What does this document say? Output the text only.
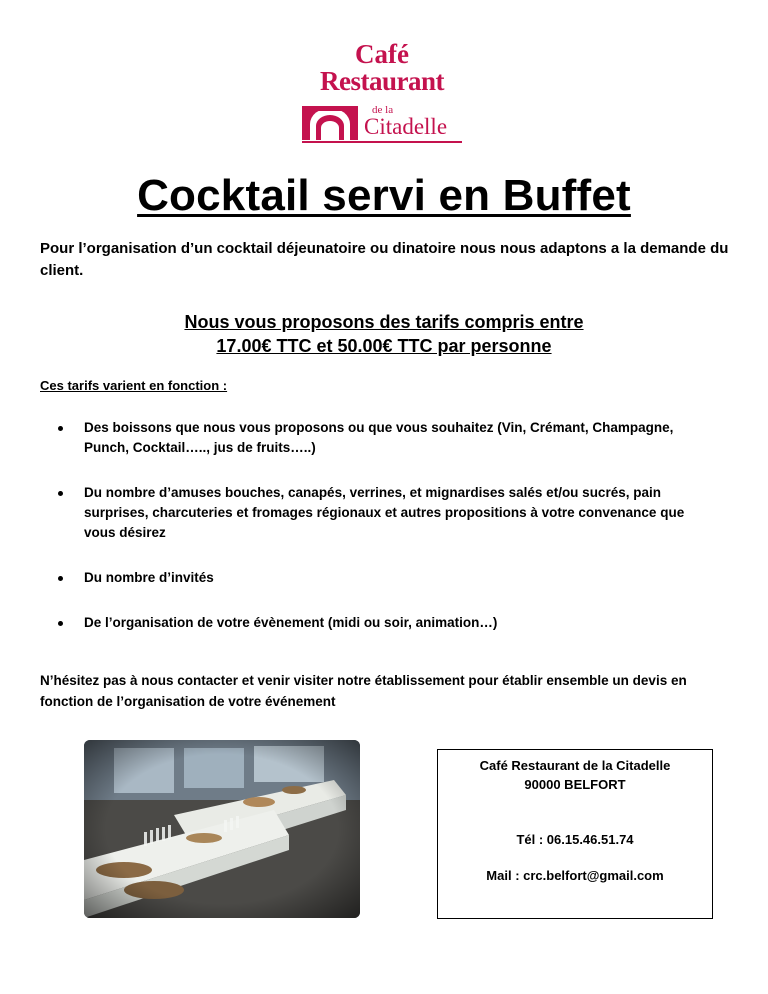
Café
Restaurant
de la
Citadelle
Cocktail servi en Buffet

Pour l’organisation d’un cocktail déjeunatoire ou dinatoire nous nous adaptons a la demande du client.

Nous vous proposons des tarifs compris entre
17.00€ TTC et 50.00€ TTC par personne

Ces tarifs varient en fonction :

Des boissons que nous vous proposons ou que vous souhaitez (Vin, Crémant, Champagne, Punch, Cocktail….., jus de fruits…..)
Du nombre d’amuses bouches, canapés, verrines, et mignardises salés et/ou sucrés, pain surprises, charcuteries et fromages régionaux et autres propositions à votre convenance que vous désirez
Du nombre d’invités
De l’organisation de votre évènement (midi ou soir, animation…)

N’hésitez pas à nous contacter et venir visiter notre établissement pour établir ensemble un devis en fonction de l’organisation de votre événement

Café Restaurant de la Citadelle
90000 BELFORT
Tél : 06.15.46.51.74
Mail : crc.belfort@gmail.com
